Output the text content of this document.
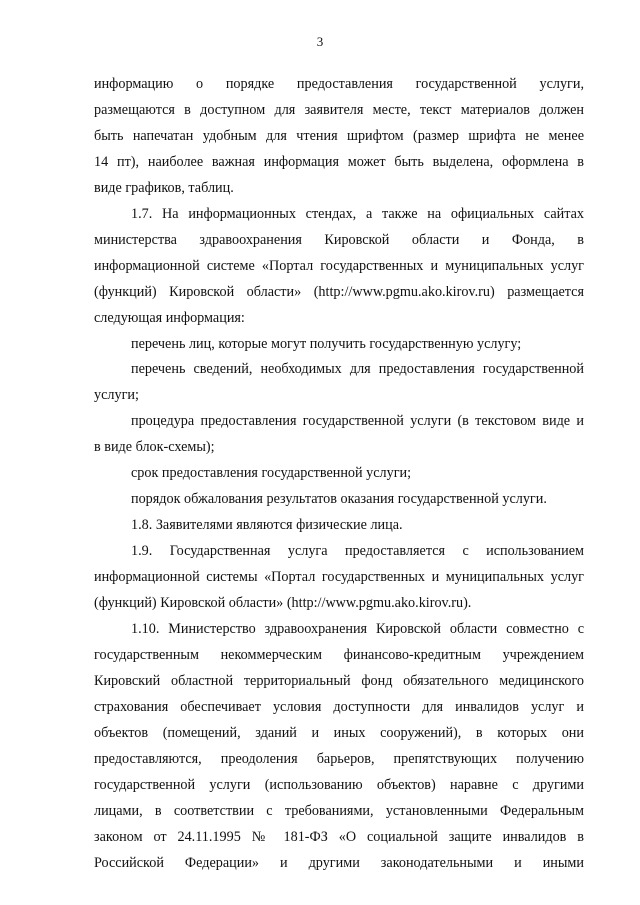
3
информацию о порядке предоставления государственной услуги,
размещаются в доступном для заявителя месте, текст материалов должен
быть напечатан удобным для чтения шрифтом (размер шрифта не менее
14 пт), наиболее важная информация может быть выделена, оформлена в
виде графиков, таблиц.
1.7. На информационных стендах, а также на официальных сайтах
министерства здравоохранения Кировской области и Фонда, в
информационной системе «Портал государственных и муниципальных услуг
(функций) Кировской области» (http://www.pgmu.ako.kirov.ru) размещается
следующая информация:
перечень лиц, которые могут получить государственную услугу;
перечень сведений, необходимых для предоставления государственной
услуги;
процедура предоставления государственной услуги (в текстовом виде и
в виде блок-схемы);
срок предоставления государственной услуги;
порядок обжалования результатов оказания государственной услуги.
1.8. Заявителями являются физические лица.
1.9. Государственная услуга предоставляется с использованием
информационной системы «Портал государственных и муниципальных услуг
(функций) Кировской области» (http://www.pgmu.ako.kirov.ru).
1.10. Министерство здравоохранения Кировской области совместно с
государственным некоммерческим финансово-кредитным учреждением
Кировский областной территориальный фонд обязательного медицинского
страхования обеспечивает условия доступности для инвалидов услуг и
объектов (помещений, зданий и иных сооружений), в которых они
предоставляются, преодоления барьеров, препятствующих получению
государственной услуги (использованию объектов) наравне с другими
лицами, в соответствии с требованиями, установленными Федеральным
законом от 24.11.1995 № 181-ФЗ «О социальной защите инвалидов в
Российской Федерации» и другими законодательными и иными
